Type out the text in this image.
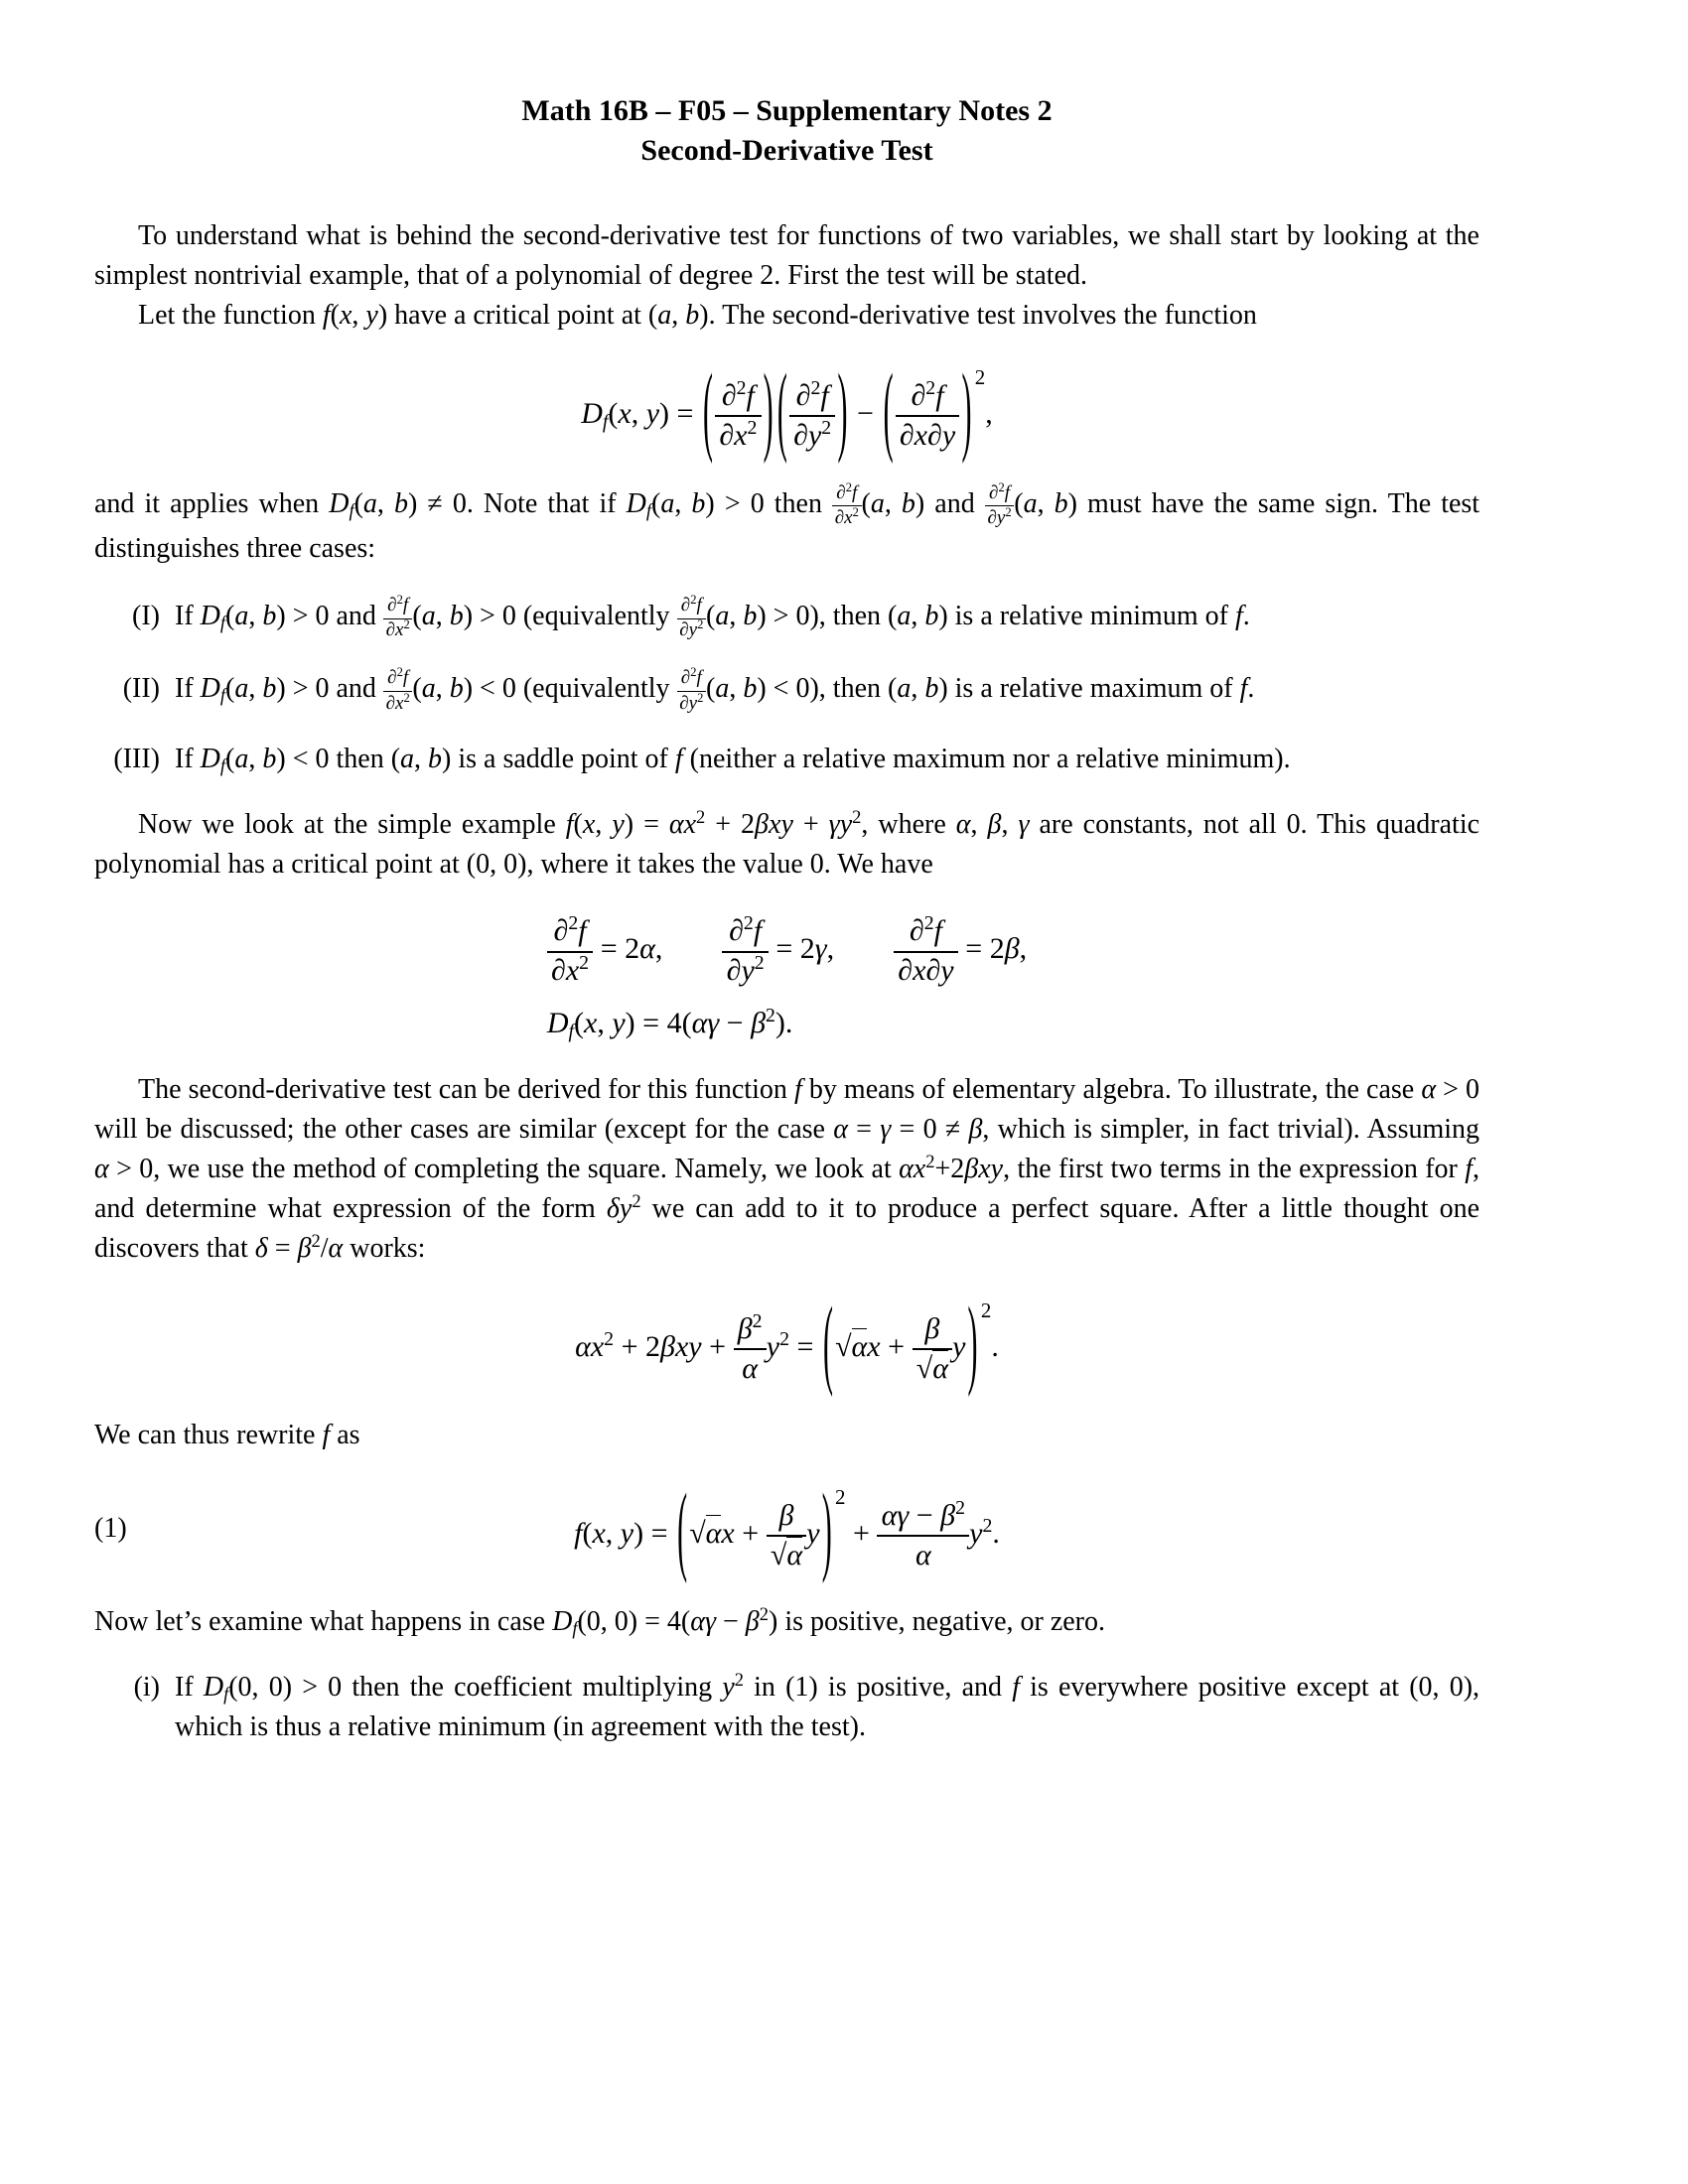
Math 16B – F05 – Supplementary Notes 2
Second-Derivative Test

To understand what is behind the second-derivative test for functions of two variables, we shall start by looking at the simplest nontrivial example, that of a polynomial of degree 2. First the test will be stated.

Let the function f(x, y) have a critical point at (a, b). The second-derivative test involves the function

$D_f(x$, y) = ( $\frac{\partial^2f}{\partial x^2}$ ) ( $\frac{\partial^2f}{\partial y^2}$ ) − ( $\frac{\partial^2f}{\partial x\partial y}$ ) 2,

and it applies when $D_f(a$, b) ≠ 0. Note that if $D_f(a$, b) > 0 then $\frac{\partial^2f}{\partial x^2} (a$, b) and $\frac{\partial^2f}{\partial y^2} (a$, b) must have the same sign. The test distinguishes three cases:

(I) If $D_f(a$, b) > 0 and $\frac{\partial^2f}{\partial x^2} (a$, b) > 0 (equivalently $\frac{\partial^2f}{\partial y^2} (a$, b) > 0), then (a, b) is a relative minimum of f.
(II) If $D_f(a$, b) > 0 and $\frac{\partial^2f}{\partial x^2} (a$, b) < 0 (equivalently $\frac{\partial^2f}{\partial y^2} (a$, b) < 0), then (a, b) is a relative maximum of f.
(III) If $D_f(a$, b) < 0 then (a, b) is a saddle point of f (neither a relative maximum nor a relative minimum).

Now we look at the simple example f(x, $y) = \alpha x^2 + 2\beta xy + \gamma y^2$, where α, β, γ are constants, not all 0. This quadratic polynomial has a critical point at (0, 0), where it takes the value 0. We have

$\frac{\partial^2f}{\partial x^2} = 2\alpha$,   $\frac{\partial^2f}{\partial y^2} = 2\gamma$,   $\frac{\partial^2f}{\partial x\partial y} = 2\beta$,
$D_f(x$, $y) = 4(\alpha\gamma - \beta^2)$.

The second-derivative test can be derived for this function f by means of elementary algebra. To illustrate, the case α > 0 will be discussed; the other cases are similar (except for the case α = γ = 0 ≠ β, which is simpler, in fact trivial). Assuming α > 0, we use the method of completing the square. Namely, we look at $\alpha x^2+2\beta xy$, the first two terms in the expression for f, and determine what expression of the form $\delta y^2$ we can add to it to produce a perfect square. After a little thought one discovers that $\delta = \beta^2/\alpha$ works:

$\alpha x^2 + 2\beta xy + \frac{\beta^2}{\alpha} y^2 = (√\alpha x + \frac{\beta}{√\alpha} y)$ 2.

We can thus rewrite f as

(1)	f(x, $y) = (√\alpha x + \frac{\beta}{√\alpha} y)$ $2 + \frac{\alpha\gamma - \beta^2}{\alpha} y^2$.

Now let’s examine what happens in case $D_f(0$, $0) = 4(\alpha\gamma - \beta^2)$ is positive, negative, or zero.

(i) If $D_f(0$, 0) > 0 then the coefficient multiplying $y^2$ in (1) is positive, and f is everywhere positive except at (0, 0), which is thus a relative minimum (in agreement with the test).
